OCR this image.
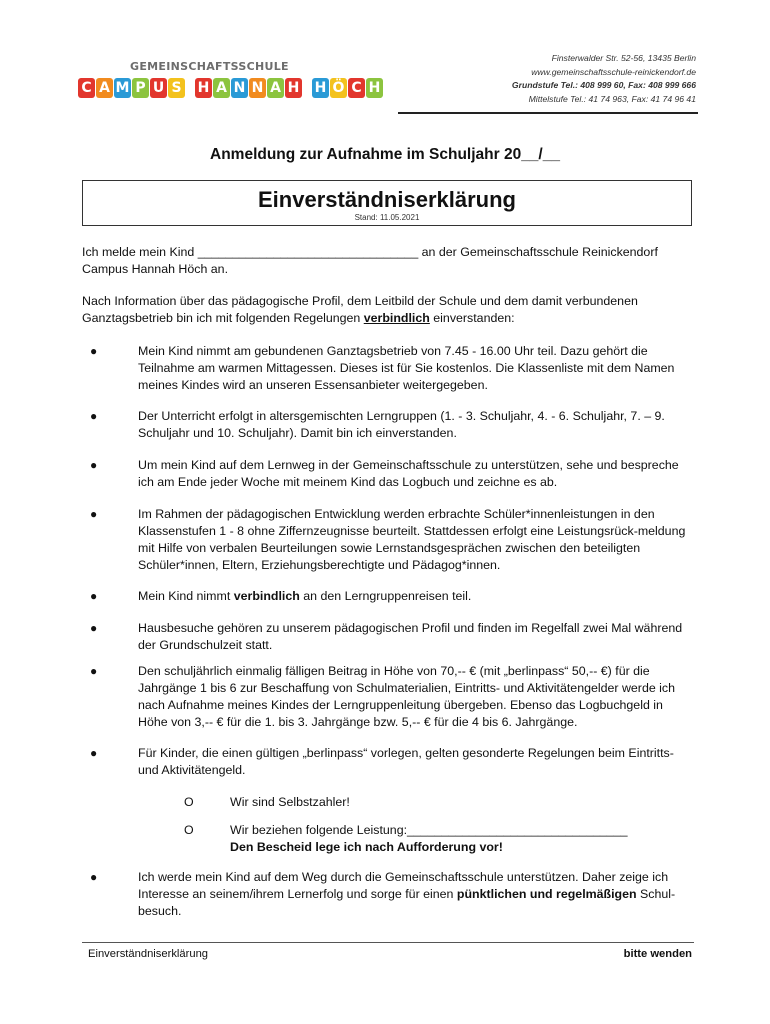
GEMEINSCHAFTSSCHULE
C A M P U S H A N N A H H Ö C H
Finsterwalder Str. 52-56, 13435 Berlin
www.gemeinschaftsschule-reinickendorf.de
Grundstufe Tel.: 408 999 60, Fax: 408 999 666
Mittelstufe Tel.: 41 74 963, Fax: 41 74 96 41
Anmeldung zur Aufnahme im Schuljahr 20__/__
Einverständniserklärung
Stand: 11.05.2021
Ich melde mein Kind ________________________________ an der Gemeinschaftsschule Reinickendorf
Campus Hannah Höch an.
Nach Information über das pädagogische Profil, dem Leitbild der Schule und dem damit verbundenen Ganztagsbetrieb bin ich mit folgenden Regelungen verbindlich einverstanden:
●	Mein Kind nimmt am gebundenen Ganztagsbetrieb von 7.45 - 16.00 Uhr teil. Dazu gehört die Teilnahme am warmen Mittagessen. Dieses ist für Sie kostenlos. Die Klassenliste mit dem Namen meines Kindes wird an unseren Essensanbieter weitergegeben.
●	Der Unterricht erfolgt in altersgemischten Lerngruppen (1. - 3. Schuljahr, 4. - 6. Schuljahr, 7. – 9. Schuljahr und 10. Schuljahr). Damit bin ich einverstanden.
●	Um mein Kind auf dem Lernweg in der Gemeinschaftsschule zu unterstützen, sehe und bespreche ich am Ende jeder Woche mit meinem Kind das Logbuch und zeichne es ab.
●	Im Rahmen der pädagogischen Entwicklung werden erbrachte Schüler*innenleistungen in den Klassenstufen 1 - 8 ohne Ziffernzeugnisse beurteilt. Stattdessen erfolgt eine Leistungsrück-meldung mit Hilfe von verbalen Beurteilungen sowie Lernstandsgesprächen zwischen den beteiligten Schüler*innen, Eltern, Erziehungsberechtigte und Pädagog*innen.
●	Mein Kind nimmt verbindlich an den Lerngruppenreisen teil.
●	Hausbesuche gehören zu unserem pädagogischen Profil und finden im Regelfall zwei Mal während der Grundschulzeit statt.
●	Den schuljährlich einmalig fälligen Beitrag in Höhe von 70,-- € (mit „berlinpass“ 50,-- €) für die Jahrgänge 1 bis 6 zur Beschaffung von Schulmaterialien, Eintritts- und Aktivitätengelder werde ich nach Aufnahme meines Kindes der Lerngruppenleitung übergeben. Ebenso das Logbuchgeld in Höhe von 3,-- € für die 1. bis 3. Jahrgänge bzw. 5,-- € für die 4 bis 6. Jahrgänge.
●	Für Kinder, die einen gültigen „berlinpass“ vorlegen, gelten gesonderte Regelungen beim Eintritts- und Aktivitätengeld.
O	Wir sind Selbstzahler!
O	Wir beziehen folgende Leistung:________________________________
Den Bescheid lege ich nach Aufforderung vor!
●	Ich werde mein Kind auf dem Weg durch die Gemeinschaftsschule unterstützen. Daher zeige ich Interesse an seinem/ihrem Lernerfolg und sorge für einen pünktlichen und regelmäßigen Schul-besuch.
Einverständniserklärung	bitte wenden
